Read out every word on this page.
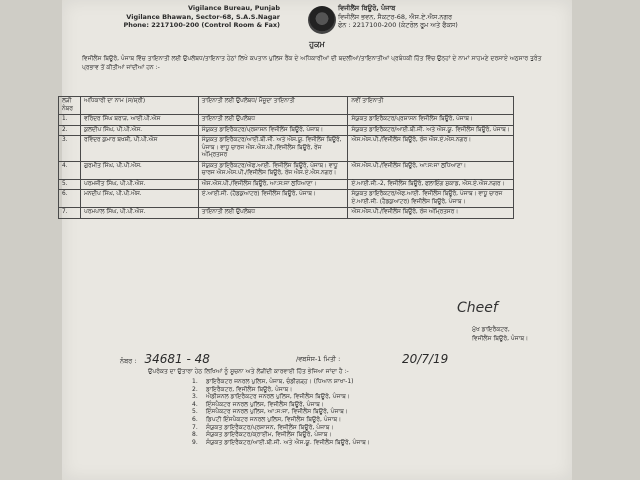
Vigilance Bureau, Punjab
Vigilance Bhawan, Sector-68, S.A.S.Nagar
Phone: 2217100-200 (Control Room & Fax)
ਵਿਜੀਲੈਂਸ ਬਿਊਰੋ, ਪੰਜਾਬ
ਵਿਜੀਲੈਂਸ ਭਵਨ, ਸੈਕਟਰ-68, ਐਸ.ਏ.ਐਸ.ਨਗਰ
ਫੋਨ : 2217100-200 (ਕੰਟਰੋਲ ਰੂਮ ਅਤੇ ਫੈਕਸ)
ਹੁਕਮ
ਵਿਜੀਲੈਂਸ ਬਿਊਰੋ, ਪੰਜਾਬ ਵਿੱਚ ਤਾਇਨਾਤੀ ਲਈ ਉਪਲੱਬਧ/ਤਾਇਨਾਤ ਹੇਠਾਂ ਲਿਖੇ ਕਪਤਾਨ ਪੁਲਿਸ ਰੈਂਕ ਦੇ ਅਧਿਕਾਰੀਆਂ ਦੀ ਬਦਲੀਆਂ/ਤਾਇਨਾਤੀਆਂ ਪ੍ਰਬੰਧਕੀ ਹਿੱਤ ਵਿੱਚ ਉਨ੍ਹਾਂ ਦੇ ਨਾਮਾਂ ਸਾਹਮਣੇ ਦਰਸਾਏ ਅਨੁਸਾਰ ਤੁਰੰਤ ਪ੍ਰਭਾਵ ਤੋਂ ਕੀਤੀਆਂ ਜਾਂਦੀਆਂ ਹਨ :-
Cheef
ਮੁੱਖ ਡਾਇਰੈਕਟਰ,
ਵਿਜੀਲੈਂਸ ਬਿਊਰੋ, ਪੰਜਾਬ।
ਨੰਬਰ : 34681 - 48	/ਵਬਸੰਸ-1 ਮਿਤੀ :	20/7/19
ਉਪਰੋਕਤ ਦਾ ਉਤਾਰਾ ਹੇਠ ਲਿਖਿਆਂ ਨੂੰ ਸੂਚਨਾ ਅਤੇ ਲੋੜੀਂਦੀ ਕਾਰਵਾਈ ਹਿੱਤ ਭੇਜਿਆ ਜਾਂਦਾ ਹੈ :-
1. ਡਾਇਰੈਕਟਰ ਜਨਰਲ ਪੁਲਿਸ, ਪੰਜਾਬ, ਚੰਡੀਗੜ੍ਹ। (ਧਿਆਨ ਸ਼ਾਖਾ-1)
2. ਡਾਇਰੈਕਟਰ, ਵਿਜੀਲੈਂਸ ਬਿਊਰੋ, ਪੰਜਾਬ।
3. ਐਡੀਸ਼ਨਲ ਡਾਇਰੈਕਟਰ ਜਨਰਲ ਪੁਲਿਸ, ਵਿਜੀਲੈਂਸ ਬਿਊਰੋ, ਪੰਜਾਬ।
4. ਇੰਸਪੈਕਟਰ ਜਨਰਲ ਪੁਲਿਸ, ਵਿਜੀਲੈਂਸ ਬਿਊਰੋ, ਪੰਜਾਬ।
5. ਇੰਸਪੈਕਟਰ ਜਨਰਲ ਪੁਲਿਸ, ਆ:ਸ:ਜਾ, ਵਿਜੀਲੈਂਸ ਬਿਊਰੋ, ਪੰਜਾਬ।
6. ਡਿਪਟੀ ਇੰਸਪੈਕਟਰ ਜਨਰਲ ਪੁਲਿਸ, ਵਿਜੀਲੈਂਸ ਬਿਊਰੋ, ਪੰਜਾਬ।
7. ਸੰਯੁਕਤ ਡਾਇਰੈਕਟਰ/ਪ੍ਰਸ਼ਾਸਨ, ਵਿਜੀਲੈਂਸ ਬਿਊਰੋ, ਪੰਜਾਬ।
8. ਸੰਯੁਕਤ ਡਾਇਰੈਕਟਰ/ਕ੍ਰਾਈਮ, ਵਿਜੀਲੈਂਸ ਬਿਊਰੋ, ਪੰਜਾਬ।
9. ਸੰਯੁਕਤ ਡਾਇਰੈਕਟਰ/ਆਈ.ਬੀ.ਜੀ. ਅਤੇ ਐਸ.ਯੂ. ਵਿਜੀਲੈਂਸ ਬਿਊਰੋ, ਪੰਜਾਬ।
ਲੜੀ ਨੰਬਰ	ਅਧਿਕਾਰੀ ਦਾ ਨਾਮ (ਸ/ਸ਼੍ਰੀ)	ਤਾਇਨਾਤੀ ਲਈ ਉਪਲੱਬਧ/ ਮੌਜੂਦਾ ਤਾਇਨਾਤੀ	ਨਵੀਂ ਤਾਇਨਾਤੀ
1.	ਵਰਿੰਦਰ ਸਿੰਘ ਬਰਾੜ, ਆਈ.ਪੀ.ਐਸ	ਤਾਇਨਾਤੀ ਲਈ ਉਪਲੱਬਧ	ਸੰਯੁਕਤ ਡਾਇਰੈਕਟਰ/ਪ੍ਰਸ਼ਾਸਨ ਵਿਜੀਲੈਂਸ ਬਿਊਰੋ, ਪੰਜਾਬ।
2.	ਕੁਲਦੀਪ ਸਿੰਘ, ਪੀ.ਪੀ.ਐਸ.	ਸੰਯੁਕਤ ਡਾਇਰੈਕਟਰ/ਪ੍ਰਸ਼ਾਸਨ ਵਿਜੀਲੈਂਸ ਬਿਊਰੋ, ਪੰਜਾਬ।	ਸੰਯੁਕਤ ਡਾਇਰੈਕਟਰ/ਆਈ.ਬੀ.ਜੀ. ਅਤੇ ਐਸ.ਯੂ. ਵਿਜੀਲੈਂਸ ਬਿਊਰੋ, ਪੰਜਾਬ।
3.	ਰਵਿੰਦਰ ਕੁਮਾਰ ਬਖਸ਼ੀ, ਪੀ.ਪੀ.ਐਸ	ਸੰਯੁਕਤ ਡਾਇਰੈਕਟਰ/ਆਈ.ਬੀ.ਜੀ. ਅਤੇ ਐਸ.ਯੂ. ਵਿਜੀਲੈਂਸ ਬਿਊਰੋ, ਪੰਜਾਬ। ਵਾਧੂ ਚਾਰਜ ਐਸ.ਐਸ.ਪੀ./ਵਿਜੀਲੈਂਸ ਬਿਊਰੋ, ਰੇਂਜ ਅੰਮ੍ਰਿਤਸਰ	ਐਸ.ਐਸ.ਪੀ./ਵਿਜੀਲੈਂਸ ਬਿਊਰੋ, ਰੇਂਜ ਐਸ.ਏ.ਐਸ.ਨਗਰ।
4.	ਗੁਰਮੀਤ ਸਿੰਘ, ਪੀ.ਪੀ.ਐਸ.	ਸੰਯੁਕਤ ਡਾਇਰੈਕਟਰ/ਐਫ.ਆਈ. ਵਿਜੀਲੈਂਸ ਬਿਊਰੋ, ਪੰਜਾਬ। ਵਾਧੂ ਚਾਰਜ ਐਸ.ਐਸ.ਪੀ./ਵਿਜੀਲੈਂਸ ਬਿਊਰੋ, ਰੇਂਜ ਐਸ.ਏ.ਐਸ.ਨਗਰ।	ਐਸ.ਐਸ.ਪੀ./ਵਿਜੀਲੈਂਸ ਬਿਊਰੋ, ਆ:ਸ:ਜਾ ਲੁਧਿਆਣਾ।
5.	ਪਰਮਜੀਤ ਸਿੰਘ, ਪੀ.ਪੀ.ਐਸ.	ਐਸ.ਐਸ.ਪੀ./ਵਿਜੀਲੈਂਸ ਬਿਊਰੋ, ਆ:ਸ:ਜਾ ਲੁਧਿਆਣਾ।	ਏ.ਆਈ.ਜੀ.-2, ਵਿਜੀਲੈਂਸ ਬਿਊਰੋ, ਫਲਾਇੰਗ ਸੁਕਾਡ, ਐਸ.ਏ.ਐਸ.ਨਗਰ।
6.	ਮਨਦੀਪ ਸਿੰਘ, ਪੀ.ਪੀ.ਐਸ.	ਏ.ਆਈ.ਜੀ. (ਹੈਡਕੁਆਟਰ) ਵਿਜੀਲੈਂਸ ਬਿਊਰੋ, ਪੰਜਾਬ।	ਸੰਯੁਕਤ ਡਾਇਰੈਕਟਰ/ਐਫ.ਆਈ. ਵਿਜੀਲੈਂਸ ਬਿਊਰੋ, ਪੰਜਾਬ। ਵਾਧੂ ਚਾਰਜ ਏ.ਆਈ.ਜੀ. (ਹੈਡਕੁਆਟਰ) ਵਿਜੀਲੈਂਸ ਬਿਊਰੋ, ਪੰਜਾਬ।
7.	ਪਰਮਪਾਲ ਸਿੰਘ, ਪੀ.ਪੀ.ਐਸ.	ਤਾਇਨਾਤੀ ਲਈ ਉਪਲੱਬਧ	ਐਸ.ਐਸ.ਪੀ./ਵਿਜੀਲੈਂਸ ਬਿਊਰੋ, ਰੇਂਜ ਅੰਮ੍ਰਿਤਸਰ।
